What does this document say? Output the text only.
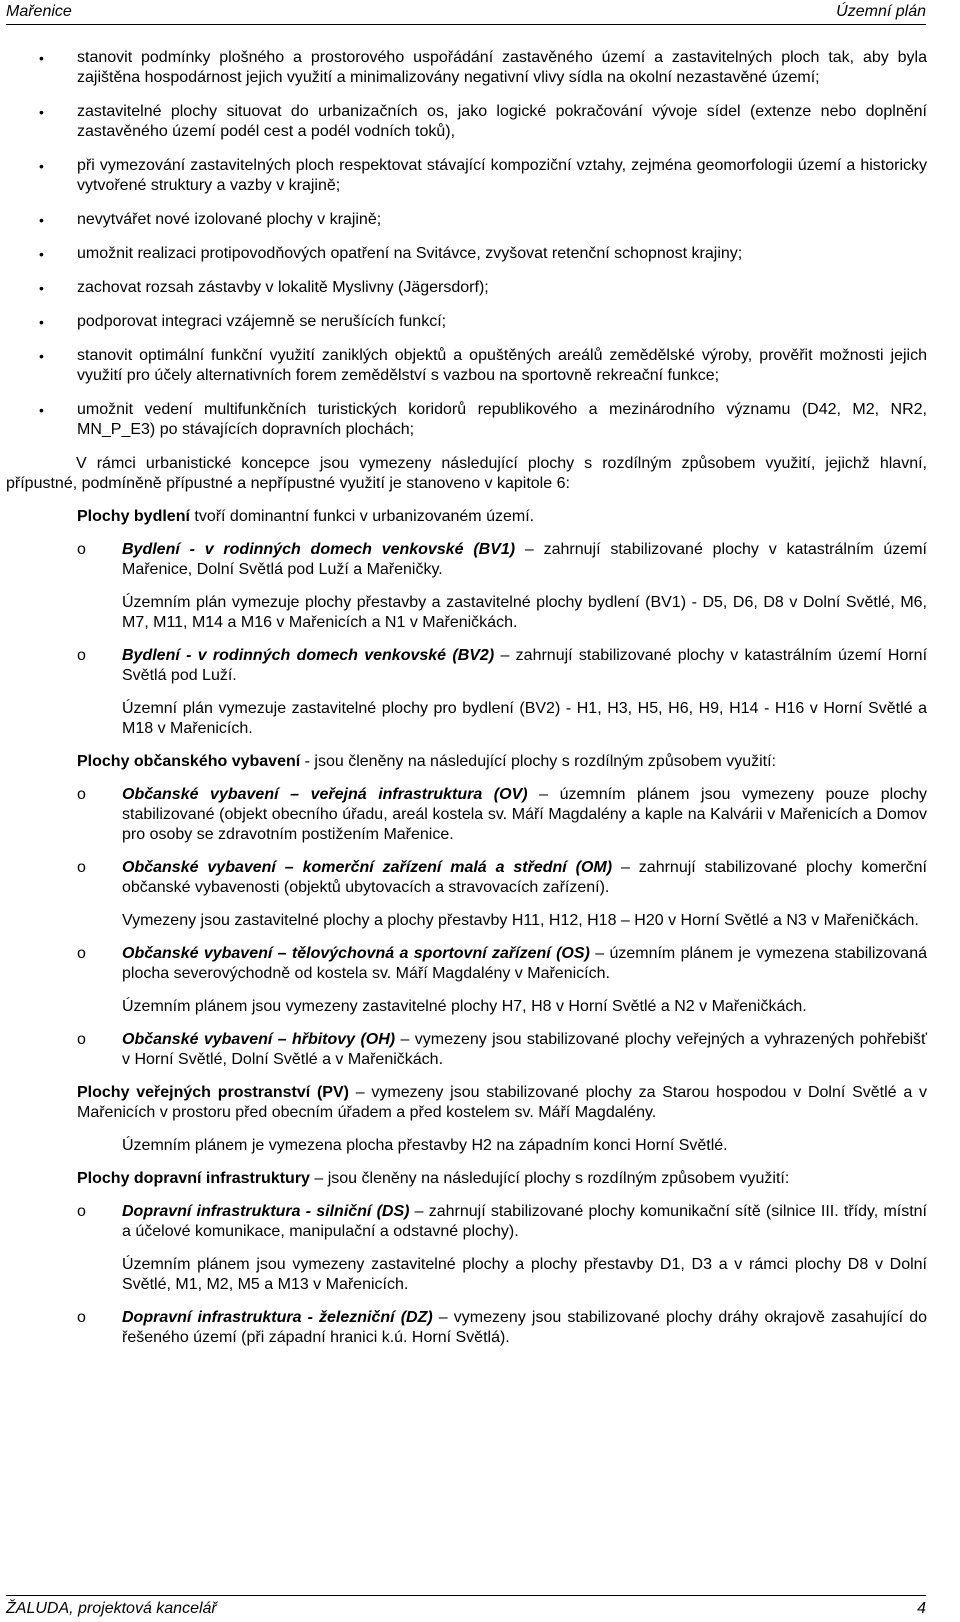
Mařenice	Územní plán
• stanovit podmínky plošného a prostorového uspořádání zastavěného území a zastavitelných ploch tak, aby byla zajištěna hospodárnost jejich využití a minimalizovány negativní vlivy sídla na okolní nezastavěné území;
• zastavitelné plochy situovat do urbanizačních os, jako logické pokračování vývoje sídel (extenze nebo doplnění zastavěného území podél cest a podél vodních toků),
• při vymezování zastavitelných ploch respektovat stávající kompoziční vztahy, zejména geomorfologii území a historicky vytvořené struktury a vazby v krajině;
• nevytvářet nové izolované plochy v krajině;
• umožnit realizaci protipovodňových opatření na Svitávce, zvyšovat retenční schopnost krajiny;
• zachovat rozsah zástavby v lokalitě Myslivny (Jägersdorf);
• podporovat integraci vzájemně se nerušících funkcí;
• stanovit optimální funkční využití zaniklých objektů a opuštěných areálů zemědělské výroby, prověřit možnosti jejich využití pro účely alternativních forem zemědělství s vazbou na sportovně rekreační funkce;
• umožnit vedení multifunkčních turistických koridorů republikového a mezinárodního významu (D42, M2, NR2, MN_P_E3) po stávajících dopravních plochách;

V rámci urbanistické koncepce jsou vymezeny následující plochy s rozdílným způsobem využití, jejichž hlavní, přípustné, podmíněně přípustné a nepřípustné využití je stanoveno v kapitole 6:

Plochy bydlení tvoří dominantní funkci v urbanizovaném území.

o Bydlení - v rodinných domech venkovské (BV1) – zahrnují stabilizované plochy v katastrálním území Mařenice, Dolní Světlá pod Luží a Mařeničky.

Územním plán vymezuje plochy přestavby a zastavitelné plochy bydlení (BV1) - D5, D6, D8 v Dolní Světlé, M6, M7, M11, M14 a M16 v Mařenicích a N1 v Mařeničkách.

o Bydlení - v rodinných domech venkovské (BV2) – zahrnují stabilizované plochy v katastrálním území Horní Světlá pod Luží.

Územní plán vymezuje zastavitelné plochy pro bydlení (BV2) - H1, H3, H5, H6, H9, H14 - H16 v Horní Světlé a M18 v Mařenicích.

Plochy občanského vybavení - jsou členěny na následující plochy s rozdílným způsobem využití:

o Občanské vybavení – veřejná infrastruktura (OV) – územním plánem jsou vymezeny pouze plochy stabilizované (objekt obecního úřadu, areál kostela sv. Máří Magdalény a kaple na Kalvárii v Mařenicích a Domov pro osoby se zdravotním postižením Mařenice.

o Občanské vybavení – komerční zařízení malá a střední (OM) – zahrnují stabilizované plochy komerční občanské vybavenosti (objektů ubytovacích a stravovacích zařízení).

Vymezeny jsou zastavitelné plochy a plochy přestavby H11, H12, H18 – H20 v Horní Světlé a N3 v Mařeničkách.

o Občanské vybavení – tělovýchovná a sportovní zařízení (OS) – územním plánem je vymezena stabilizovaná plocha severovýchodně od kostela sv. Máří Magdalény v Mařenicích.

Územním plánem jsou vymezeny zastavitelné plochy H7, H8 v Horní Světlé a N2 v Mařeničkách.

o Občanské vybavení – hřbitovy (OH) – vymezeny jsou stabilizované plochy veřejných a vyhrazených pohřebišť v Horní Světlé, Dolní Světlé a v Mařeničkách.

Plochy veřejných prostranství (PV) – vymezeny jsou stabilizované plochy za Starou hospodou v Dolní Světlé a v Mařenicích v prostoru před obecním úřadem a před kostelem sv. Máří Magdalény.

Územním plánem je vymezena plocha přestavby H2 na západním konci Horní Světlé.

Plochy dopravní infrastruktury – jsou členěny na následující plochy s rozdílným způsobem využití:

o Dopravní infrastruktura - silniční (DS) – zahrnují stabilizované plochy komunikační sítě (silnice III. třídy, místní a účelové komunikace, manipulační a odstavné plochy).

Územním plánem jsou vymezeny zastavitelné plochy a plochy přestavby D1, D3 a v rámci plochy D8 v Dolní Světlé, M1, M2, M5 a M13 v Mařenicích.

o Dopravní infrastruktura - železniční (DZ) – vymezeny jsou stabilizované plochy dráhy okrajově zasahující do řešeného území (při západní hranici k.ú. Horní Světlá).

ŽALUDA, projektová kancelář	4
